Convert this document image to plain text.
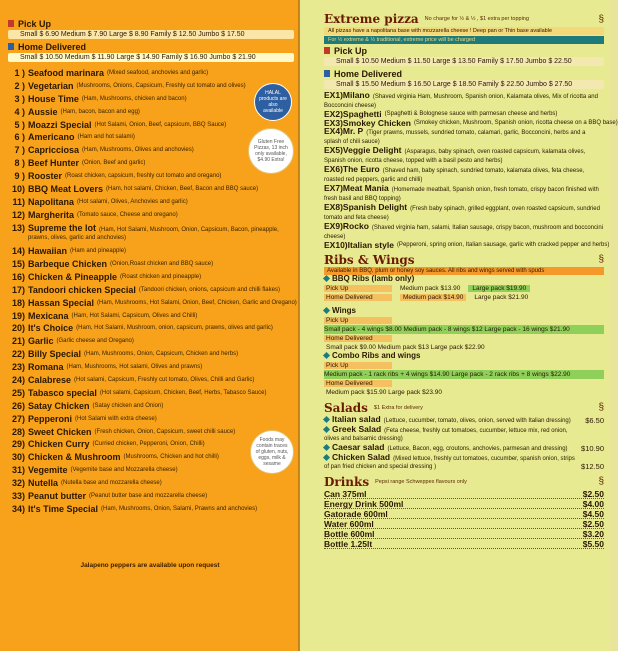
Pick Up
Small $ 6.90 Medium $ 7.90 Large $ 8.90 Family $ 12.50 Jumbo $ 17.50
Home Delivered
Small $ 10.50 Medium $ 11.90 Large $ 14.90 Family $ 16.90 Jumbo $ 21.90
1 ) Seafood marinara (Mixed seafood, anchovies and garlic)
2 ) Vegetarian (Mushrooms, Onions, Capsicum, Freshly cut tomato and olives)
3 ) House Time (Ham, Mushrooms, chicken and bacon)
4 ) Aussie (Ham, bacon, bacon and egg)
5 ) Moazzi Special (Hot Salami, Onion, Beef, capsicum, BBQ Sauce)
6 ) Americano (Ham and hot salami)
7 ) Capricciosa (Ham, Mushrooms, Olives and anchovies)
8 ) Beef Hunter (Onion, Beef and garlic)
9 ) Rooster (Roast chicken, capsicum, freshly cut tomato and oregano)
10) BBQ Meat Lovers (Ham, hot salami, Chicken, Beef, Bacon and BBQ sauce)
11) Napolitana (Hot salami, Olives, Anchovies and garlic)
12) Margherita (Tomato sauce, Cheese and oregano)
13) Supreme the lot (Ham, Hot Salami, Mushroom, Onion, Capsicum, Bacon, pineapple, prawns, olives, garlic and anchovies)
14) Hawaiian (Ham and pineapple)
15) Barbeque Chicken (Onion,Roast chicken and BBQ sauce)
16) Chicken & Pineapple (Roast chicken and pineapple)
17) Tandoori chicken Special (Tandoori chicken, onions, capsicum and chilli flakes)
18) Hassan Special (Ham, Mushrooms, Hot Salami, Onion, Beef, Chicken, Garlic and Oregano)
19) Mexicana (Ham, Hot Salami, Capsicum, Olives and Chilli)
20) It's Choice (Ham, Hot Salami, Mushroom, onion, capsicum, prawns, olives and garlic)
21) Garlic (Garlic cheese and Oregano)
22) Billy Special (Ham, Mushrooms, Onion, Capsicum, Chicken and herbs)
23) Romana (Ham, Mushrooms, Hot salami, Olives and prawns)
24) Calabrese (Hot salami, Capsicum, Freshly cut tomato, Olives, Chilli and Garlic)
25) Tabasco special (Hot salami, Capsicum, Chicken, Beef, Herbs, Tabasco Sauce)
26) Satay Chicken (Satay chicken and Onion)
27) Pepperoni (Hot Salami with extra cheese)
28) Sweet Chicken (Fresh chicken, Onion, Capsicum, sweet chilli sauce)
29) Chicken Curry (Curried chicken, Pepperoni, Onion, Chilli)
30) Chicken & Mushroom (Mushrooms, Chicken and hot chilli)
31) Vegemite (Vegemite base and Mozzarella cheese)
32) Nutella (Nutella base and mozzarella cheese)
33) Peanut butter (Peanut butter base and mozzarella cheese)
34) It's Time Special (Ham, Mushrooms, Onion, Salami, Prawns and anchovies)
HALAL products are also available
Gluten Free Pizzas, 13 inch only available, $4.90 Extra!
Foods may contain traces of gluten, nuts, eggs, milk & sesame
Jalapeno peppers are available upon request
Extreme pizza No charge for ½ & ½ , $1 extra per topping	§
All pizzas have a napolitana base with mozzarella cheese ! Deep pan or Thin base available
For ½ extreme & ½ traditional, extreme price will be charged
Pick Up
Small $ 10.50 Medium $ 11.50 Large $ 13.50 Family $ 17.50 Jumbo $ 22.50
Home Delivered
Small $ 15.50 Medium $ 16.50 Large $ 18.50 Family $ 22.50 Jumbo $ 27.50
EX1)Milano (Shaved virginia Ham, Mushroom, Spanish onion, Kalamata olives, Mix of ricotta and Bocconcini cheese)
EX2)Spaghetti (Spaghetti & Bolognese sauce with parmesan cheese and herbs)
EX3)Smokey Chicken (Smokey chicken, Mushroom, Spanish onion, ricotta cheese on a BBQ base)
EX4)Mr. P (Tiger prawns, mussels, sundried tomato, calamari, garlic, Bocconcini, herbs and a splash of chili sauce)
EX5)Veggie Delight (Asparagus, baby spinach, oven roasted capsicum, kalamata olives, Spanish onion, ricotta cheese, topped with a basil pesto and herbs)
EX6)The Euro (Shaved ham, baby spinach, sundried tomato, kalamata olives, feta cheese, roasted red peppers, garlic and chilli)
EX7)Meat Mania (Homemade meatball, Spanish onion, fresh tomato, crispy bacon finished with fresh basil and BBQ topping)
EX8)Spanish Delight (Fresh baby spinach, grilled eggplant, oven roasted capsicum, sundried tomato and feta cheese)
EX9)Rocko (Shaved virginia ham, salami, Italian sausage, crispy bacon, mushroom and bocconcini cheese)
EX10)Italian style (Pepperoni, spring onion, Italian sausage, garlic with cracked pepper and herbs)
Ribs & Wings	§
Available in BBQ, plum or honey soy sauces. All ribs and wings served with spuds
BBQ Ribs (lamb only)
Pick Up	Medium pack $13.90	Large pack $19.90
Home Delivered	Medium pack $14.90	Large pack $21.90
Wings
Pick Up
Small pack - 4 wings $8.00 Medium pack - 8 wings $12 Large pack - 16 wings $21.90
Home Delivered
Small pack $9.00 Medium pack $13 Large pack $22.90
Combo Ribs and wings
Pick Up
Medium pack - 1 rack ribs + 4 wings $14.90 Large pack - 2 rack ribs + 8 wings $22.90
Home Delivered
Medium pack $15.90 Large pack $23.90
Salads $1 Extra for delivery	§
Italian salad (Lettuce, cucumber, tomato, olives, onion, served with Italian dressing) $6.50
Greek Salad (Feta cheese, freshly cut tomatoes, cucumber, lettuce mix, red onion, olives and balsamic dressing)
Caesar salad (Lettuce, Bacon, egg, croutons, anchovies, parmesan and dressing) $10.90
Chicken Salad (Mixed lettuce, freshly cut tomatoes, cucumber, spanish onion, strips of pan fried chicken and special dressing )	$12.50
Drinks Pepsi range Schweppes flavours only	§
Can 375ml	$2.50
Energy Drink 500ml	$4.00
Gatorade 600ml	$4.50
Water 600ml	$2.50
Bottle 600ml	$3.20
Bottle 1.25lt	$5.50
